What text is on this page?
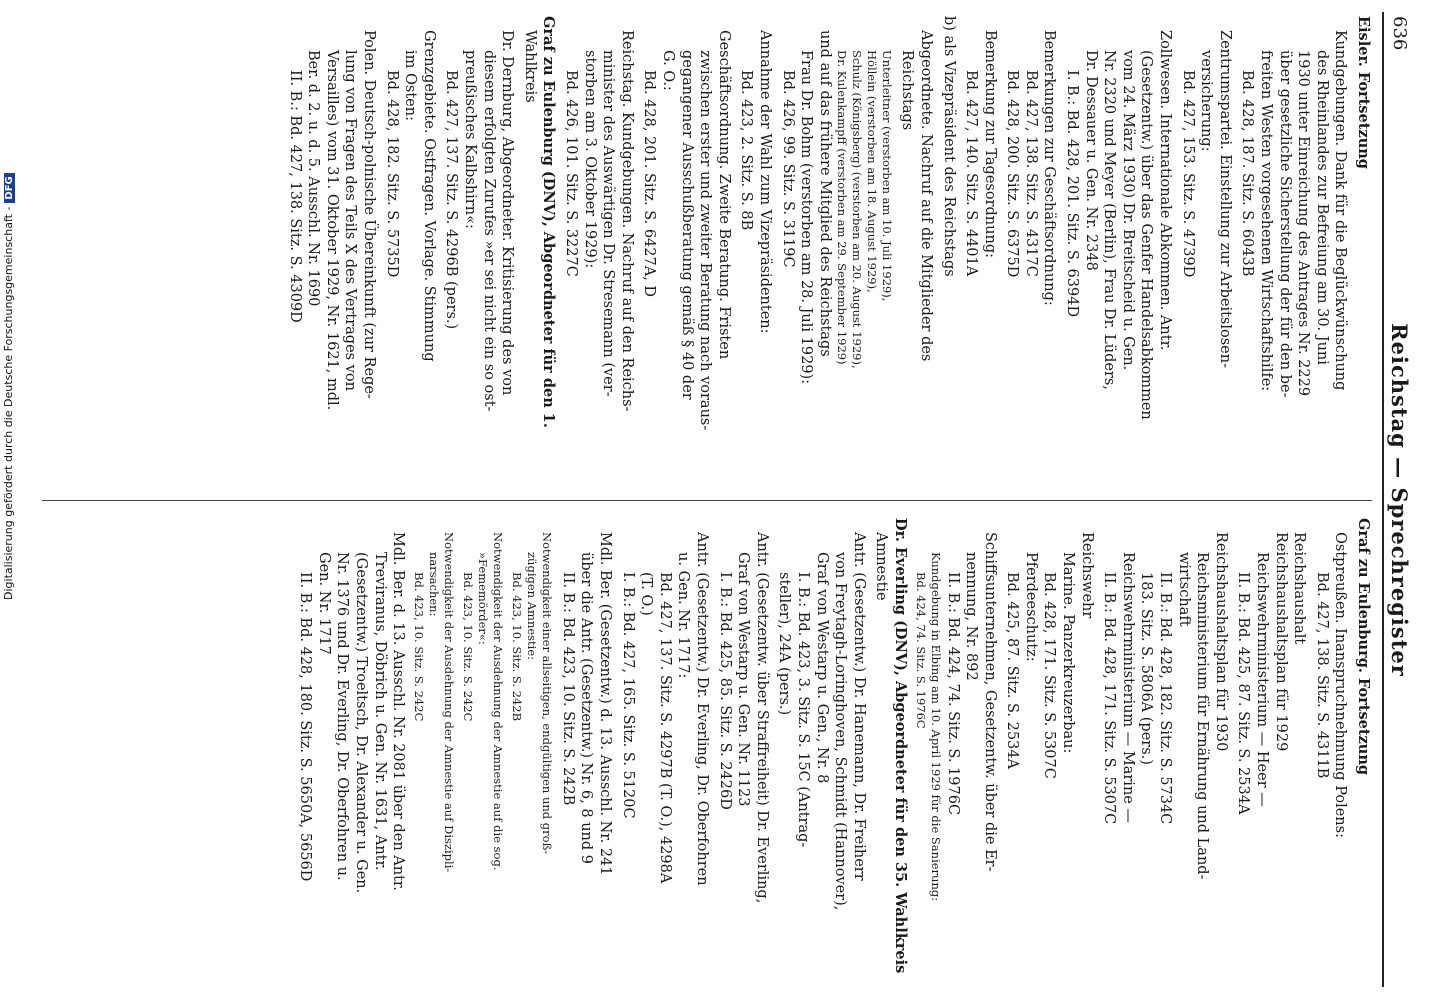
636
Reichstag — Sprechregister
Eisler. Fortsetzung
Kundgebungen. Dank für die Beglückwünschung
des Rheinlandes zur Befreiung am 30. Juni
1930 unter Einreichung des Antrages Nr. 2229
über gesetzliche Sicherstellung der für den be-
freiten Westen vorgesehenen Wirtschaftshilfe:
Bd. 428, 187. Sitz. S. 6043B
Zentrumspartei. Einstellung zur Arbeitslosen-
versicherung:
Bd. 427, 153. Sitz. S. 4739D
Zollwesen. Internationale Abkommen. Antr.
(Gesetzentw.) über das Genfer Handelsabkommen
vom 24. März 1930) Dr. Breitscheid u. Gen.
Nr. 2320 und Meyer (Berlin), Frau Dr. Lüders,
Dr. Dessauer u. Gen. Nr. 2348
I. B.: Bd. 428, 201. Sitz. S. 6394D
Bemerkungen zur Geschäftsordnung:
Bd. 427, 138. Sitz. S. 4317C
Bd. 428, 200. Sitz. S. 6375D
Bemerkung zur Tagesordnung:
Bd. 427, 140. Sitz. S. 4401A
b) als Vizepräsident des Reichstags
Abgeordnete. Nachruf auf die Mitglieder des
Reichstags
Unterleitner (verstorben am 10. Juli 1929),
Höllein (verstorben am 18. August 1929),
Schulz (Königsberg) (verstorben am 20. August 1929),
Dr. Kulenkampff (verstorben am 29. September 1929)
und auf das frühere Mitglied des Reichstags
Frau Dr. Bohm (verstorben am 28. Juli 1929):
Bd. 426, 99. Sitz. S. 3119C
Annahme der Wahl zum Vizepräsidenten:
Bd. 423, 2. Sitz. S. 8B
Geschäftsordnung. Zweite Beratung. Fristen
zwischen erster und zweiter Beratung nach voraus-
gegangener Ausschußberatung gemäß § 40 der
G. O.:
Bd. 428, 201. Sitz. S. 6427A, D
Reichstag. Kundgebungen. Nachruf auf den Reichs-
minister des Auswärtigen Dr. Stresemann (ver-
storben am 3. Oktober 1929):
Bd. 426, 101. Sitz. S. 3227C
Graf zu Eulenburg (DNV), Abgeordneter für den 1.
Wahlkreis
Dr. Dernburg, Abgeordneter. Kritisierung des von
diesem erfolgten Zurufes »er sei nicht ein so ost-
preußisches Kalbshirn«:
Bd. 427, 137. Sitz. S. 4296B (pers.)
Grenzgebiete. Ostfragen. Vorlage. Stimmung
im Osten:
Bd. 428, 182. Sitz. S. 5735D
Polen. Deutsch-polnische Übereinkunft (zur Rege-
lung von Fragen des Teils X des Vertrages von
Versailles) vom 31. Oktober 1929, Nr. 1621, mdl.
Ber. d. 2. u. d. 5. Ausschl. Nr. 1690
II. B.: Bd. 427, 138. Sitz. S. 4309D
Graf zu Eulenburg. Fortsetzung
Ostpreußen. Inanspruchnehmung Polens:
Bd. 427, 138. Sitz. S. 4311B
Reichshaushalt
Reichshaushaltsplan für 1929
Reichswehrministerium — Heer —
II. B.: Bd. 425, 87. Sitz. S. 2534A
Reichshaushaltsplan für 1930
Reichsministerium für Ernährung und Land-
wirtschaft
II. B.: Bd. 428, 182. Sitz. S. 5734C
183. Sitz. S. 5806A (pers.)
Reichswehrministerium — Marine —
II. B.: Bd. 428, 171. Sitz. S. 5307C
Reichswehr
Marine. Panzerkreuzerbau:
Bd. 428, 171. Sitz. S. 5307C
Pferdeeschutz:
Bd. 425, 87. Sitz. S. 2534A
Schiffsunternehmen, Gesetzentw. über die Er-
nennung, Nr. 892
II. B.: Bd. 424, 74. Sitz. S. 1976C
Kundgebung in Elbing am 10. April 1929 für die Sanierung:
Bd. 424, 74. Sitz. S. 1976C
Dr. Everling (DNV), Abgeordneter für den 35. Wahlkreis
Amnestie
Antr. (Gesetzentw.) Dr. Hanemann, Dr. Freiherr
von Freytagh-Loringhoven, Schmidt (Hannover),
Graf von Westarp u. Gen., Nr. 8
I. B.: Bd. 423, 3. Sitz. S. 15C (Antrag-
steller), 24A (pers.)
Antr. (Gesetzentw. über Straffreiheit) Dr. Everling,
Graf von Westarp u. Gen. Nr. 1123
I. B.: Bd. 425, 85. Sitz. S. 2426D
Antr. (Gesetzentw.) Dr. Everling, Dr. Oberfohren
u. Gen. Nr. 1717:
Bd. 427, 137. Sitz. S. 4297B (T. O.), 4298A
(T. O.)
I. B.: Bd. 427, 165. Sitz. S. 5120C
Mdl. Ber. (Gesetzentw.) d. 13. Ausschl. Nr. 241
über die Antr. (Gesetzentw.) Nr. 6, 8 und 9
II. B.: Bd. 423, 10. Sitz. S. 242B
Notwendigkeit einer allseitigen, endgültigen und groß-
zügigen Amnestie:
Bd. 423, 10. Sitz. S. 242B
Notwendigkeit der Ausdehnung der Amnestie auf die sog.
»Fememörder«:
Bd. 423, 10. Sitz. S. 242C
Notwendigkeit der Ausdehnung der Amnestie auf Diszipli-
narsachen:
Bd. 423, 10. Sitz. S. 242C
Mdl. Ber. d. 13. Ausschl. Nr. 2081 über den Antr.
Treviranus, Döbrich u. Gen. Nr. 1631, Antr.
(Gesetzentw.) Troeltsch, Dr. Alexander u. Gen.
Nr. 1376 und Dr. Everling, Dr. Oberfohren u.
Gen. Nr. 1717
II. B.: Bd. 428, 180. Sitz. S. 5650A, 5656D
Digitalisierung gefördert durch die Deutsche Forschungsgemeinschaft -DFG
